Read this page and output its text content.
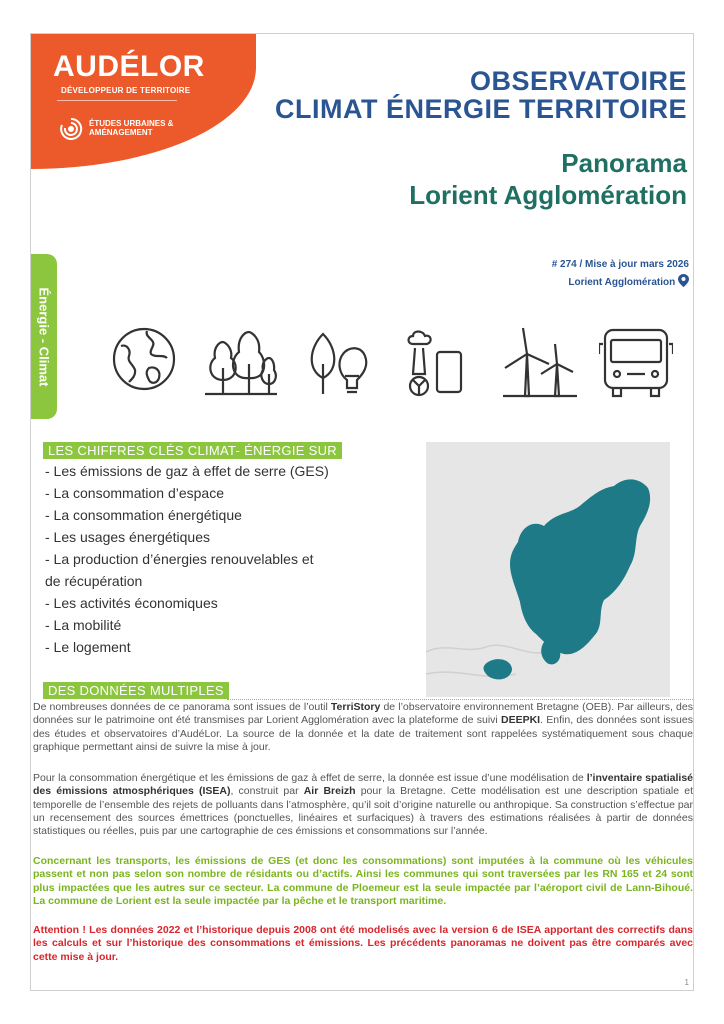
AUDÉLOR
DÉVELOPPEUR DE TERRITOIRE
ÉTUDES URBAINES & AMÉNAGEMENT
OBSERVATOIRE
CLIMAT ÉNERGIE TERRITOIRE
Panorama
Lorient Agglomération
# 274 / Mise à jour mars 2026
Lorient Agglomération
Énergie - Climat
LES CHIFFRES CLÉS CLIMAT- ÉNERGIE SUR
- Les émissions de gaz à effet de serre (GES)
- La consommation d’espace
- La consommation énergétique
- Les usages énergétiques
- La production d’énergies renouvelables et
de récupération
- Les activités économiques
- La mobilité
- Le logement
DES DONNÉES MULTIPLES
De nombreuses données de ce panorama sont issues de l’outil TerriStory de l’observatoire environnement Bretagne (OEB). Par ailleurs, des données sur le patrimoine ont été transmises par Lorient Agglomération avec la plateforme de suivi DEEPKI. Enfin, des données sont issues des études et observatoires d’AudéLor. La source de la donnée et la date de traitement sont rappelées systématiquement sous chaque graphique permettant ainsi de suivre la mise à jour.
Pour la consommation énergétique et les émissions de gaz à effet de serre, la donnée est issue d’une modélisation de l’inventaire spatialisé des émissions atmosphériques (ISEA), construit par Air Breizh pour la Bretagne. Cette modélisation est une description spatiale et temporelle de l’ensemble des rejets de polluants dans l’atmosphère, qu’il soit d’origine naturelle ou anthropique. Sa construction s’effectue par un recensement des sources émettrices (ponctuelles, linéaires et surfaciques) à travers des estimations réalisées à partir de données statistiques ou réelles, puis par une cartographie de ces émissions et consommations sur l’année.
Concernant les transports, les émissions de GES (et donc les consommations) sont imputées à la commune où les véhicules passent et non pas selon son nombre de résidants ou d’actifs. Ainsi les communes qui sont traversées par les RN 165 et 24 sont plus impactées que les autres sur ce secteur. La commune de Ploemeur est la seule impactée par l’aéroport civil de Lann-Bihoué. La commune de Lorient est la seule impactée par la pêche et le transport maritime.
Attention ! Les données 2022 et l’historique depuis 2008 ont été modelisés avec la version 6 de ISEA apportant des correctifs dans les calculs et sur l’historique des consommations et émissions. Les précédents panoramas ne doivent pas être comparés avec cette mise à jour.
1
